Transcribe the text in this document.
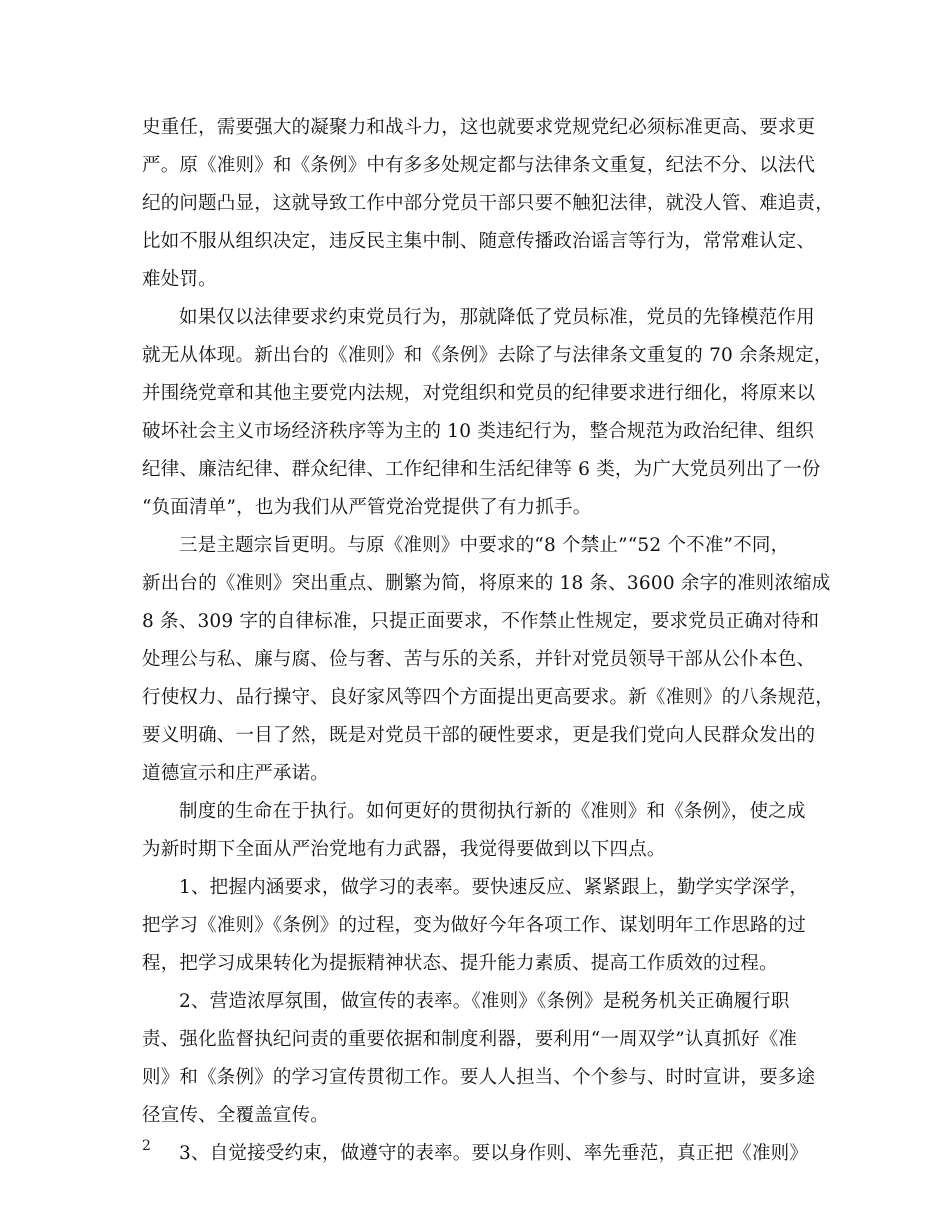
史重任，需要强大的凝聚力和战斗力，这也就要求党规党纪必须标准更高、要求更
严。原《准则》和《条例》中有多多处规定都与法律条文重复，纪法不分、以法代
纪的问题凸显，这就导致工作中部分党员干部只要不触犯法律，就没人管、难追责，
比如不服从组织决定，违反民主集中制、随意传播政治谣言等行为，常常难认定、
难处罚。
如果仅以法律要求约束党员行为，那就降低了党员标准，党员的先锋模范作用
就无从体现。新出台的《准则》和《条例》去除了与法律条文重复的 70 余条规定，
并围绕党章和其他主要党内法规，对党组织和党员的纪律要求进行细化，将原来以
破坏社会主义市场经济秩序等为主的 10 类违纪行为，整合规范为政治纪律、组织
纪律、廉洁纪律、群众纪律、工作纪律和生活纪律等 6 类，为广大党员列出了一份
“负面清单”，也为我们从严管党治党提供了有力抓手。
三是主题宗旨更明。与原《准则》中要求的“8 个禁止”“52 个不准”不同，
新出台的《准则》突出重点、删繁为简，将原来的 18 条、3600 余字的准则浓缩成
8 条、309 字的自律标准，只提正面要求，不作禁止性规定，要求党员正确对待和
处理公与私、廉与腐、俭与奢、苦与乐的关系，并针对党员领导干部从公仆本色、
行使权力、品行操守、良好家风等四个方面提出更高要求。新《准则》的八条规范，
要义明确、一目了然，既是对党员干部的硬性要求，更是我们党向人民群众发出的
道德宣示和庄严承诺。
制度的生命在于执行。如何更好的贯彻执行新的《准则》和《条例》，使之成
为新时期下全面从严治党地有力武器，我觉得要做到以下四点。
1、把握内涵要求，做学习的表率。要快速反应、紧紧跟上，勤学实学深学，
把学习《准则》《条例》的过程，变为做好今年各项工作、谋划明年工作思路的过
程，把学习成果转化为提振精神状态、提升能力素质、提高工作质效的过程。
2、营造浓厚氛围，做宣传的表率。《准则》《条例》是税务机关正确履行职
责、强化监督执纪问责的重要依据和制度利器，要利用“一周双学”认真抓好《准
则》和《条例》的学习宣传贯彻工作。要人人担当、个个参与、时时宣讲，要多途
径宣传、全覆盖宣传。
3、自觉接受约束，做遵守的表率。要以身作则、率先垂范，真正把《准则》
2
